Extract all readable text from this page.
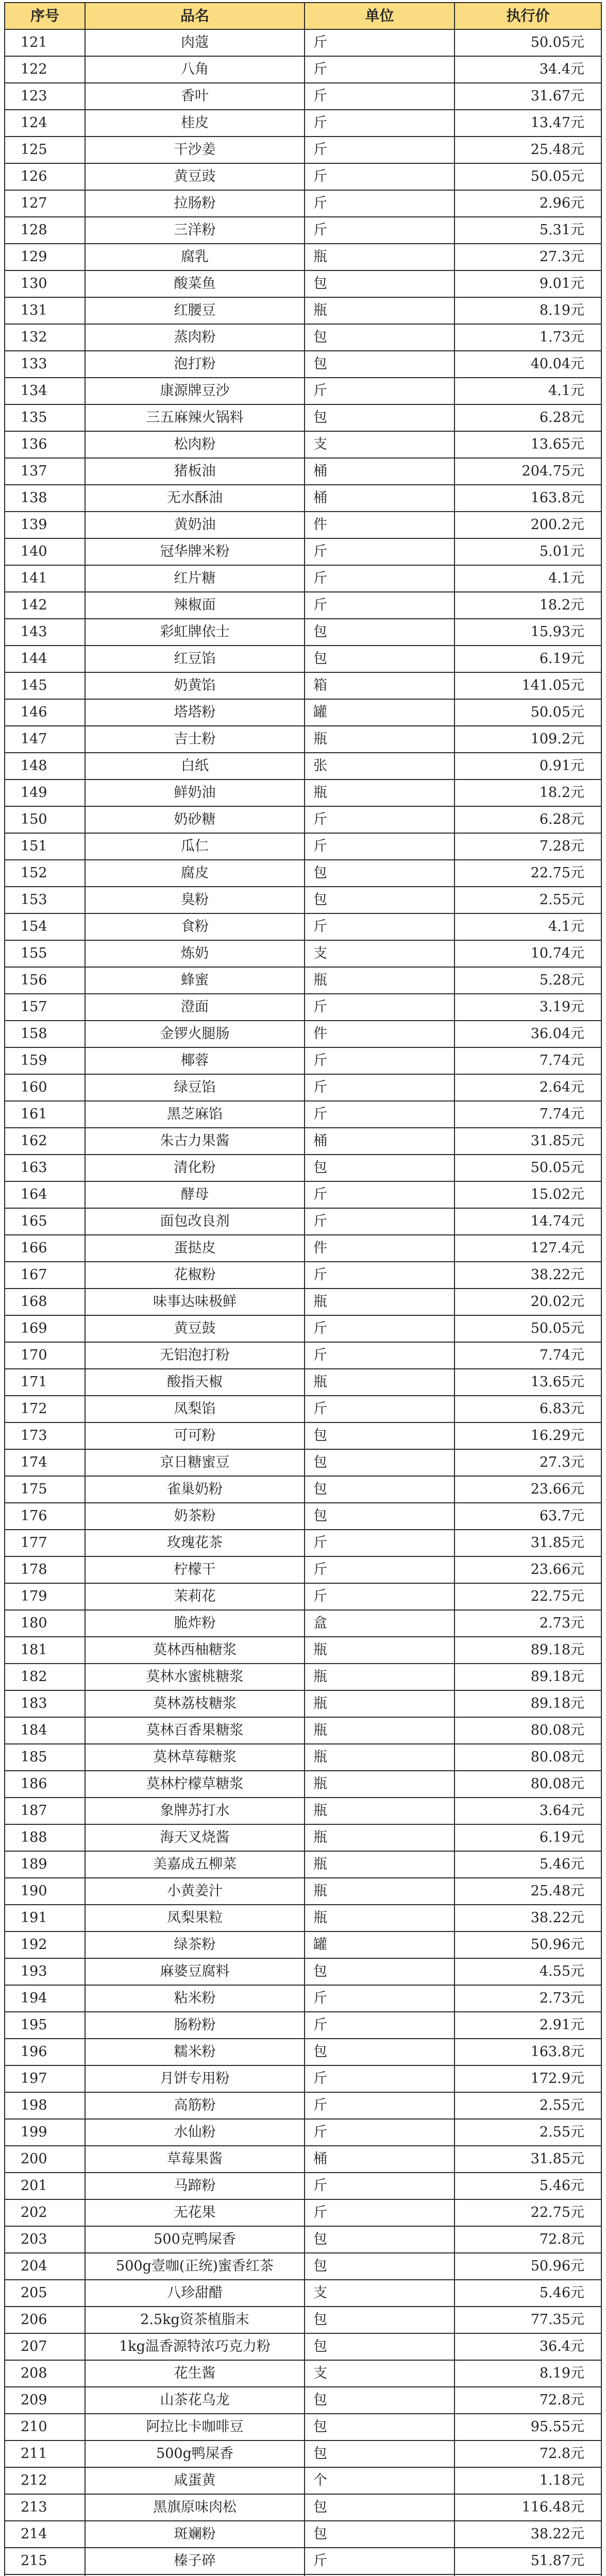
序号	品名	单位	执行价
121	肉蔻	斤	50.05元
122	八角	斤	34.4元
123	香叶	斤	31.67元
124	桂皮	斤	13.47元
125	干沙姜	斤	25.48元
126	黄豆豉	斤	50.05元
127	拉肠粉	斤	2.96元
128	三洋粉	斤	5.31元
129	腐乳	瓶	27.3元
130	酸菜鱼	包	9.01元
131	红腰豆	瓶	8.19元
132	蒸肉粉	包	1.73元
133	泡打粉	包	40.04元
134	康源牌豆沙	斤	4.1元
135	三五麻辣火锅料	包	6.28元
136	松肉粉	支	13.65元
137	猪板油	桶	204.75元
138	无水酥油	桶	163.8元
139	黄奶油	件	200.2元
140	冠华牌米粉	斤	5.01元
141	红片糖	斤	4.1元
142	辣椒面	斤	18.2元
143	彩虹牌依士	包	15.93元
144	红豆馅	包	6.19元
145	奶黄馅	箱	141.05元
146	塔塔粉	罐	50.05元
147	吉士粉	瓶	109.2元
148	白纸	张	0.91元
149	鲜奶油	瓶	18.2元
150	奶砂糖	斤	6.28元
151	瓜仁	斤	7.28元
152	腐皮	包	22.75元
153	臭粉	包	2.55元
154	食粉	斤	4.1元
155	炼奶	支	10.74元
156	蜂蜜	瓶	5.28元
157	澄面	斤	3.19元
158	金锣火腿肠	件	36.04元
159	椰蓉	斤	7.74元
160	绿豆馅	斤	2.64元
161	黑芝麻馅	斤	7.74元
162	朱古力果酱	桶	31.85元
163	清化粉	包	50.05元
164	酵母	斤	15.02元
165	面包改良剂	斤	14.74元
166	蛋挞皮	件	127.4元
167	花椒粉	斤	38.22元
168	味事达味极鲜	瓶	20.02元
169	黄豆鼓	斤	50.05元
170	无铝泡打粉	斤	7.74元
171	酸指天椒	瓶	13.65元
172	凤梨馅	斤	6.83元
173	可可粉	包	16.29元
174	京日糖蜜豆	包	27.3元
175	雀巢奶粉	包	23.66元
176	奶茶粉	包	63.7元
177	玫瑰花茶	斤	31.85元
178	柠檬干	斤	23.66元
179	茉莉花	斤	22.75元
180	脆炸粉	盒	2.73元
181	莫林西柚糖浆	瓶	89.18元
182	莫林水蜜桃糖浆	瓶	89.18元
183	莫林荔枝糖浆	瓶	89.18元
184	莫林百香果糖浆	瓶	80.08元
185	莫林草莓糖浆	瓶	80.08元
186	莫林柠檬草糖浆	瓶	80.08元
187	象牌苏打水	瓶	3.64元
188	海天叉烧酱	瓶	6.19元
189	美嘉成五柳菜	瓶	5.46元
190	小黄姜汁	瓶	25.48元
191	凤梨果粒	瓶	38.22元
192	绿茶粉	罐	50.96元
193	麻婆豆腐料	包	4.55元
194	粘米粉	斤	2.73元
195	肠粉粉	斤	2.91元
196	糯米粉	包	163.8元
197	月饼专用粉	斤	172.9元
198	高筋粉	斤	2.55元
199	水仙粉	斤	2.55元
200	草莓果酱	桶	31.85元
201	马蹄粉	斤	5.46元
202	无花果	斤	22.75元
203	500克鸭屎香	包	72.8元
204	500g壹咖(正统)蜜香红茶	包	50.96元
205	八珍甜醋	支	5.46元
206	2.5kg资茶植脂末	包	77.35元
207	1kg温香源特浓巧克力粉	包	36.4元
208	花生酱	支	8.19元
209	山茶花乌龙	包	72.8元
210	阿拉比卡咖啡豆	包	95.55元
211	500g鸭屎香	包	72.8元
212	咸蛋黄	个	1.18元
213	黑旗原味肉松	包	116.48元
214	斑斓粉	包	38.22元
215	榛子碎	斤	51.87元
